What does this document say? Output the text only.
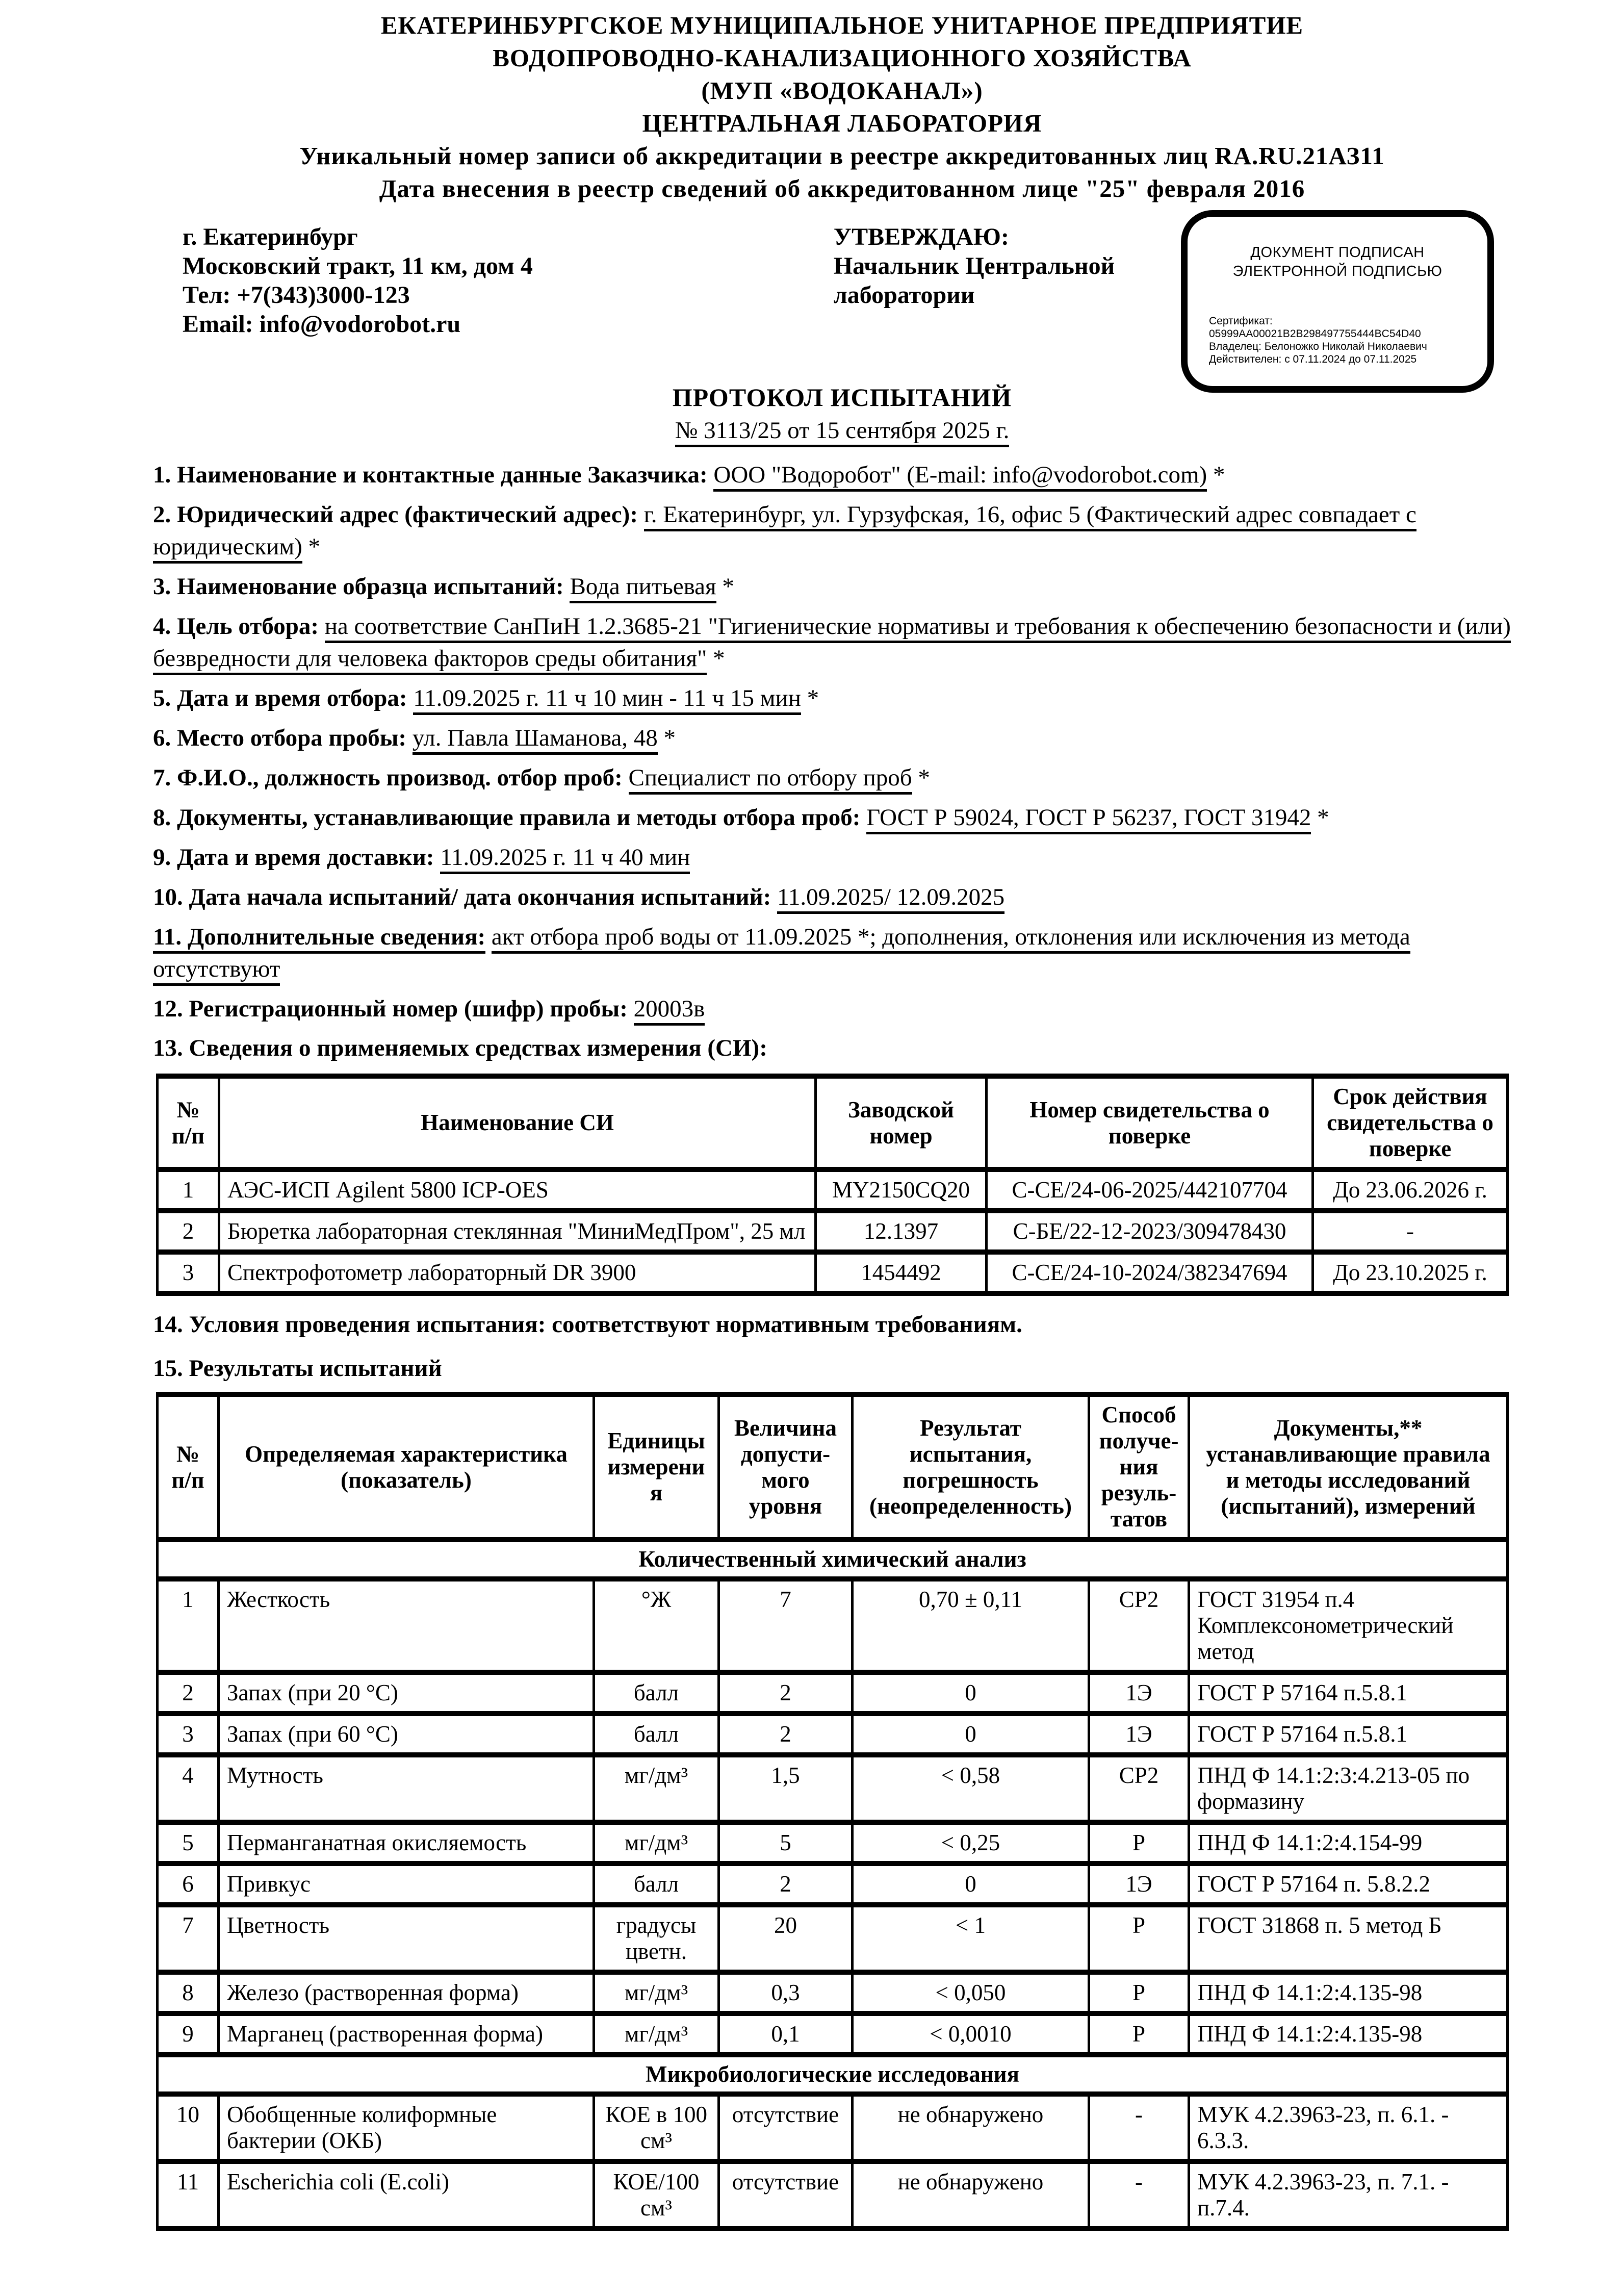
ЕКАТЕРИНБУРГСКОЕ МУНИЦИПАЛЬНОЕ УНИТАРНОЕ ПРЕДПРИЯТИЕ

ВОДОПРОВОДНО-КАНАЛИЗАЦИОННОГО ХОЗЯЙСТВА

(МУП «ВОДОКАНАЛ»)

ЦЕНТРАЛЬНАЯ ЛАБОРАТОРИЯ

Уникальный номер записи об аккредитации в реестре аккредитованных лиц RA.RU.21АЗ11

Дата внесения в реестр сведений об аккредитованном лице "25" февраля 2016

г. Екатеринбург

Московский тракт, 11 км, дом 4

Тел: +7(343)3000-123

Email: info@vodorobot.ru

УТВЕРЖДАЮ:

Начальник Центральной

лаборатории

ДОКУМЕНТ ПОДПИСАН

ЭЛЕКТРОННОЙ ПОДПИСЬЮ

Сертификат: 05999AA00021B2B298497755444BC54D40

Владелец: Белоножко Николай Николаевич

Действителен: с 07.11.2024 до 07.11.2025

ПРОТОКОЛ ИСПЫТАНИЙ

№ 3113/25 от 15 сентября 2025 г.

1. Наименование и контактные данные Заказчика: ООО "Водоробот" (E-mail: info@vodorobot.com) *

2. Юридический адрес (фактический адрес): г. Екатеринбург, ул. Гурзуфская, 16, офис 5 (Фактический адрес совпадает с юридическим) *

3. Наименование образца испытаний: Вода питьевая *

4. Цель отбора: на соответствие СанПиН 1.2.3685-21 "Гигиенические нормативы и требования к обеспечению безопасности и (или) безвредности для человека факторов среды обитания" *

5. Дата и время отбора: 11.09.2025 г. 11 ч 10 мин - 11 ч 15 мин *

6. Место отбора пробы: ул. Павла Шаманова, 48 *

7. Ф.И.О., должность производ. отбор проб: Специалист по отбору проб *

8. Документы, устанавливающие правила и методы отбора проб: ГОСТ Р 59024, ГОСТ Р 56237, ГОСТ 31942 *

9. Дата и время доставки: 11.09.2025 г. 11 ч 40 мин

10. Дата начала испытаний/ дата окончания испытаний: 11.09.2025/ 12.09.2025

11. Дополнительные сведения: акт отбора проб воды от 11.09.2025 *; дополнения, отклонения или исключения из метода отсутствуют

12. Регистрационный номер (шифр) пробы: 20003в

13. Сведения о применяемых средствах измерения (СИ):

№ п/п	Наименование СИ	Заводской номер	Номер свидетельства о поверке	Срок действия свидетельства о поверке
1	АЭС-ИСП Agilent 5800 ICP-OES	MY2150CQ20	С-СЕ/24-06-2025/442107704	До 23.06.2026 г.
2	Бюретка лабораторная стеклянная "МиниМедПром", 25 мл	12.1397	С-БЕ/22-12-2023/309478430	-
3	Спектрофотометр лабораторный DR 3900	1454492	С-СЕ/24-10-2024/382347694	До 23.10.2025 г.

14. Условия проведения испытания: соответствуют нормативным требованиям.

15. Результаты испытаний

№ п/п	Определяемая характеристика (показатель)	Единицы измерения	Величина допусти-мого уровня	Результат испытания, погрешность (неопределенность)	Способ получе-ния резуль-татов	Документы,** устанавливающие правила и методы исследований (испытаний), измерений
Количественный химический анализ						
1	Жесткость	°Ж	7	0,70 ± 0,11	СР2	ГОСТ 31954 п.4 Комплексонометрический метод
2	Запах (при 20 °С)	балл	2	0	1Э	ГОСТ Р 57164 п.5.8.1
3	Запах (при 60 °С)	балл	2	0	1Э	ГОСТ Р 57164 п.5.8.1
4	Мутность	мг/дм³	1,5	< 0,58	СР2	ПНД Ф 14.1:2:3:4.213-05 по формазину
5	Перманганатная окисляемость	мг/дм³	5	< 0,25	Р	ПНД Ф 14.1:2:4.154-99
6	Привкус	балл	2	0	1Э	ГОСТ Р 57164 п. 5.8.2.2
7	Цветность	градусы цветн.	20	< 1	Р	ГОСТ 31868 п. 5 метод Б
8	Железо (растворенная форма)	мг/дм³	0,3	< 0,050	Р	ПНД Ф 14.1:2:4.135-98
9	Марганец (растворенная форма)	мг/дм³	0,1	< 0,0010	Р	ПНД Ф 14.1:2:4.135-98
Микробиологические исследования						
10	Обобщенные колиформные бактерии (ОКБ)	КОЕ в 100 см³	отсутствие	не обнаружено	-	МУК 4.2.3963-23, п. 6.1. - 6.3.3.
11	Escherichia coli (E.coli)	КОЕ/100 см³	отсутствие	не обнаружено	-	МУК 4.2.3963-23, п. 7.1. - п.7.4.
